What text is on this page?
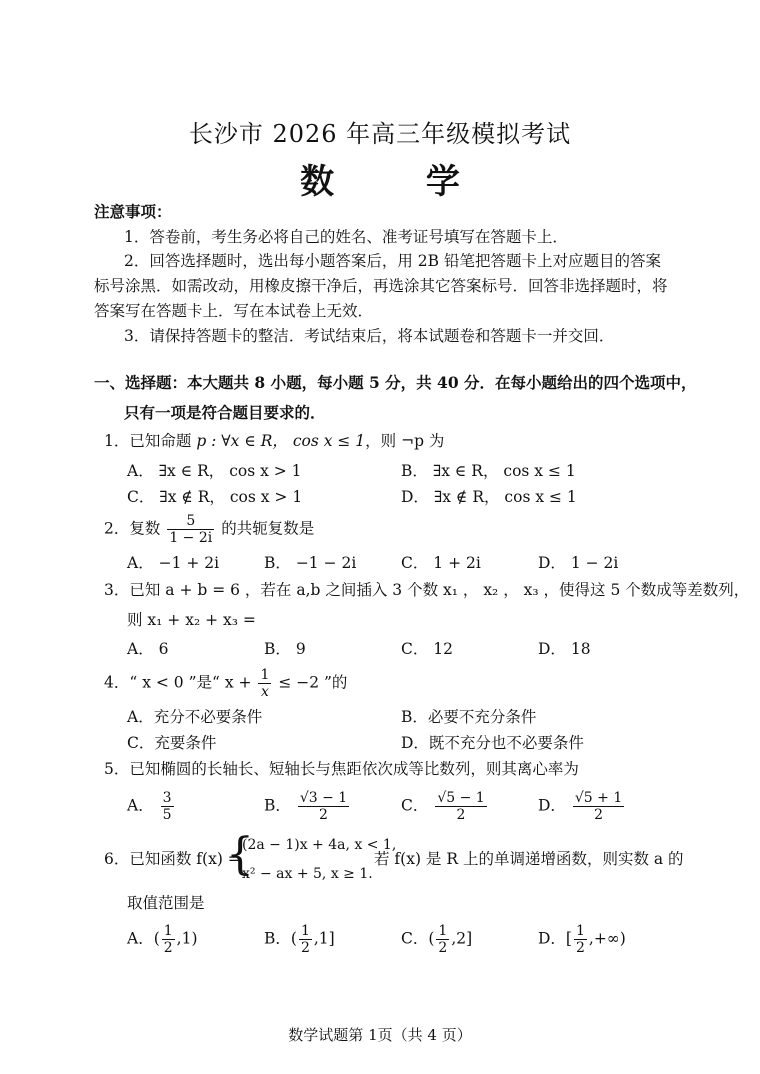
长沙市 2026 年高三年级模拟考试
数 学
注意事项：
1．答卷前，考生务必将自己的姓名、准考证号填写在答题卡上．
2．回答选择题时，选出每小题答案后，用 2B 铅笔把答题卡上对应题目的答案
标号涂黑．如需改动，用橡皮擦干净后，再选涂其它答案标号．回答非选择题时，将
答案写在答题卡上．写在本试卷上无效．
3．请保持答题卡的整洁．考试结束后，将本试题卷和答题卡一并交回．
一、选择题：本大题共 8 小题，每小题 5 分，共 40 分．在每小题给出的四个选项中，
只有一项是符合题目要求的．
1．已知命题 p : ∀x ∈ R， cos x ≤ 1，则 ¬p 为
A． ∃x ∈ R， cos x > 1	B． ∃x ∈ R， cos x ≤ 1
C． ∃x ∉ R， cos x > 1	D． ∃x ∉ R， cos x ≤ 1
2．复数 $\frac{5}{1 - 2i}$ 的共轭复数是
A． −1 + 2i	B． −1 − 2i	C． 1 + 2i	D． 1 − 2i
3．已知 a + b = 6 ，若在 a,b 之间插入 3 个数 x₁ ， x₂ ， x₃ ，使得这 5 个数成等差数列，
则 x₁ + x₂ + x₃ =
A． 6	B． 9	C． 12	D． 18
4．“ x < 0 ”是“ $x + \frac{1}{x} \le -2$ ”的
A．充分不必要条件	B．必要不充分条件
C．充要条件	D．既不充分也不必要条件
5．已知椭圆的长轴长、短轴长与焦距依次成等比数列，则其离心率为
A． $\frac{3}{5}$	B． $\frac{√3 - 1}{2}$	C． $\frac{√5 - 1}{2}$	D． $\frac{√5 + 1}{2}$
6．已知函数 f(x) =
{
(2a − 1)x + 4a, x < 1,
x² − ax + 5, x ≥ 1.
若 f(x) 是 R 上的单调递增函数，则实数 a 的
取值范围是
A．( $\frac{1}{2} ,1$)	B．( $\frac{1}{2} ,1$]	C．( $\frac{1}{2} ,2$]	D．[ $\frac{1}{2}$ ,+∞)
数学试题第 1页（共 4 页）
